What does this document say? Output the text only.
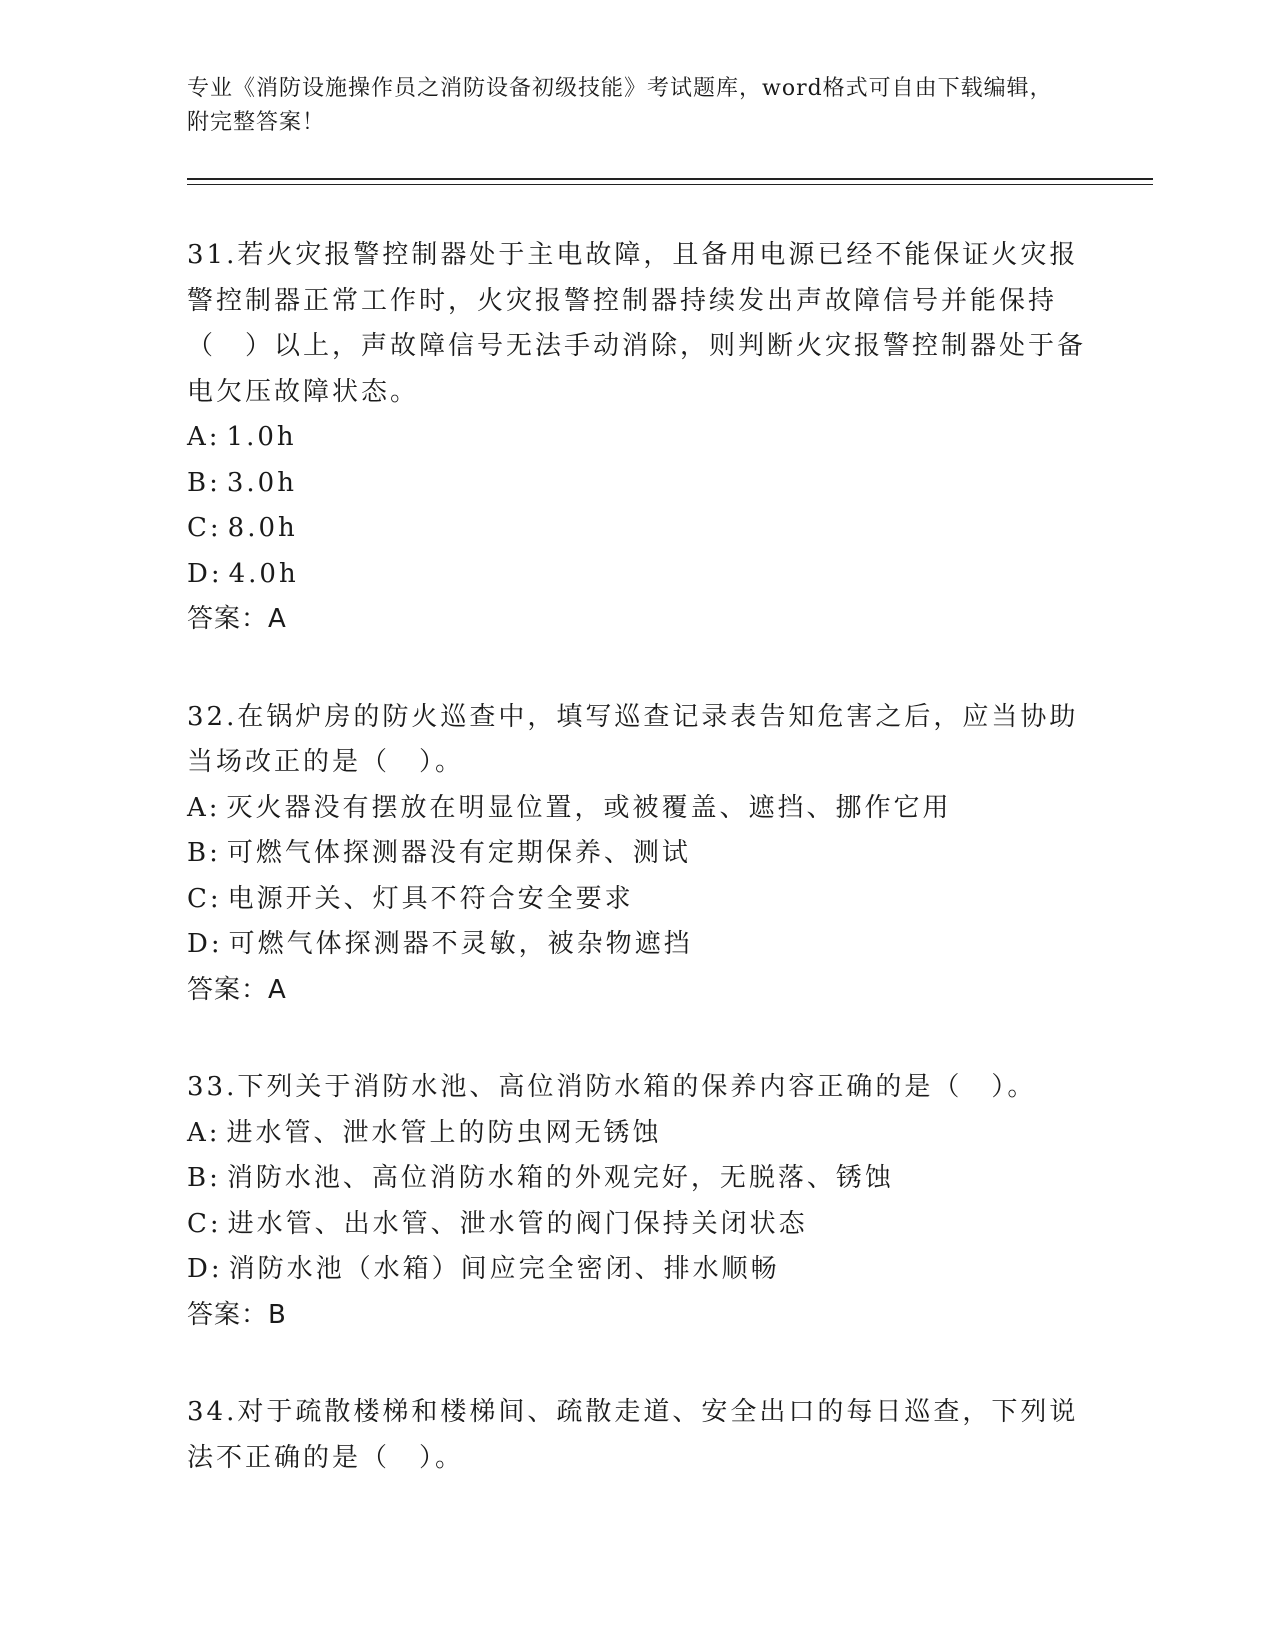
专业《消防设施操作员之消防设备初级技能》考试题库，word格式可自由下载编辑，附完整答案！

31.若火灾报警控制器处于主电故障，且备用电源已经不能保证火灾报警控制器正常工作时，火灾报警控制器持续发出声故障信号并能保持（　）以上，声故障信号无法手动消除，则判断火灾报警控制器处于备电欠压故障状态。

A: 1.0h

B: 3.0h

C: 8.0h

D: 4.0h

答案：A

32.在锅炉房的防火巡查中，填写巡查记录表告知危害之后，应当协助当场改正的是（　）。

A: 灭火器没有摆放在明显位置，或被覆盖、遮挡、挪作它用

B: 可燃气体探测器没有定期保养、测试

C: 电源开关、灯具不符合安全要求

D: 可燃气体探测器不灵敏，被杂物遮挡

答案：A

33.下列关于消防水池、高位消防水箱的保养内容正确的是（　）。

A: 进水管、泄水管上的防虫网无锈蚀

B: 消防水池、高位消防水箱的外观完好，无脱落、锈蚀

C: 进水管、出水管、泄水管的阀门保持关闭状态

D: 消防水池（水箱）间应完全密闭、排水顺畅

答案：B

34.对于疏散楼梯和楼梯间、疏散走道、安全出口的每日巡查，下列说法不正确的是（　）。
